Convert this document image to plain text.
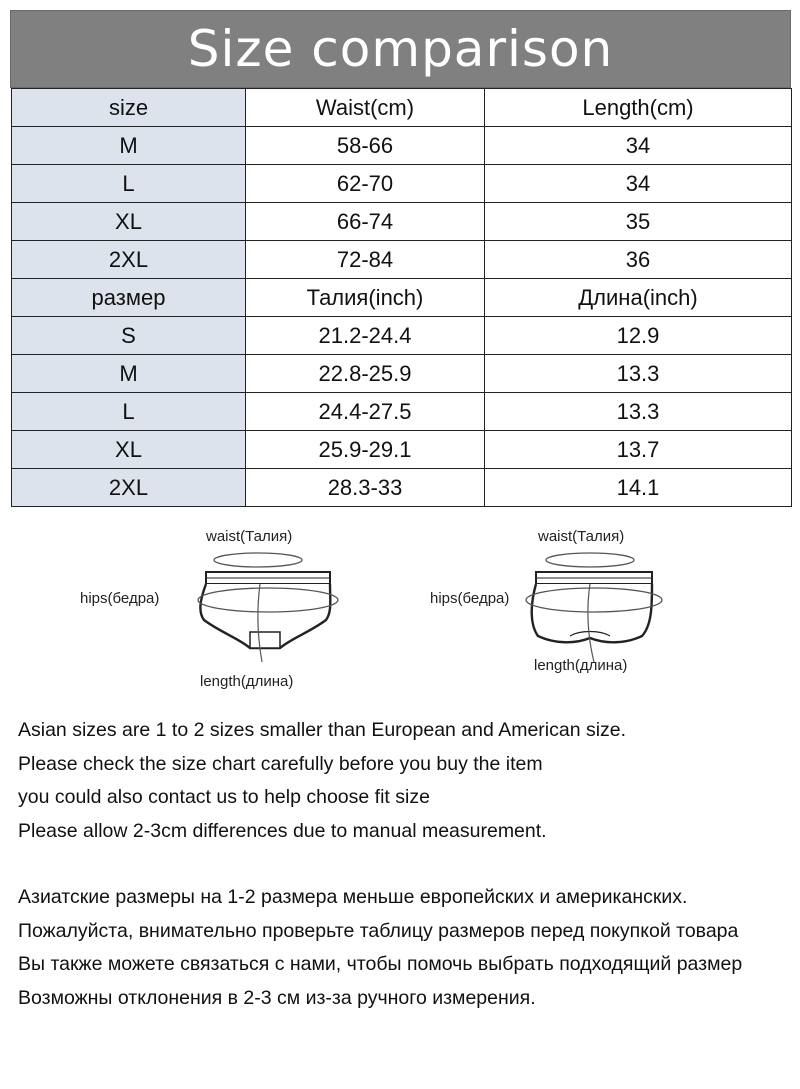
Size comparison
size	Waist(cm)	Length(cm)
M	58-66	34
L	62-70	34
XL	66-74	35
2XL	72-84	36
размер	Талия(inch)	Длина(inch)
S	21.2-24.4	12.9
M	22.8-25.9	13.3
L	24.4-27.5	13.3
XL	25.9-29.1	13.7
2XL	28.3-33	14.1
waist(Талия)
hips(бедра)
length(длина)
waist(Талия)
hips(бедра)
length(длина)

Asian sizes are 1 to 2 sizes smaller than European and American size.

Please check the size chart carefully before you buy the item

you could also contact us to help choose fit size

Please allow 2-3cm differences due to manual measurement.

Азиатские размеры на 1-2 размера меньше европейских и американских.

Пожалуйста, внимательно проверьте таблицу размеров перед покупкой товара

Вы также можете связаться с нами, чтобы помочь выбрать подходящий размер

Возможны отклонения в 2-3 см из-за ручного измерения.
